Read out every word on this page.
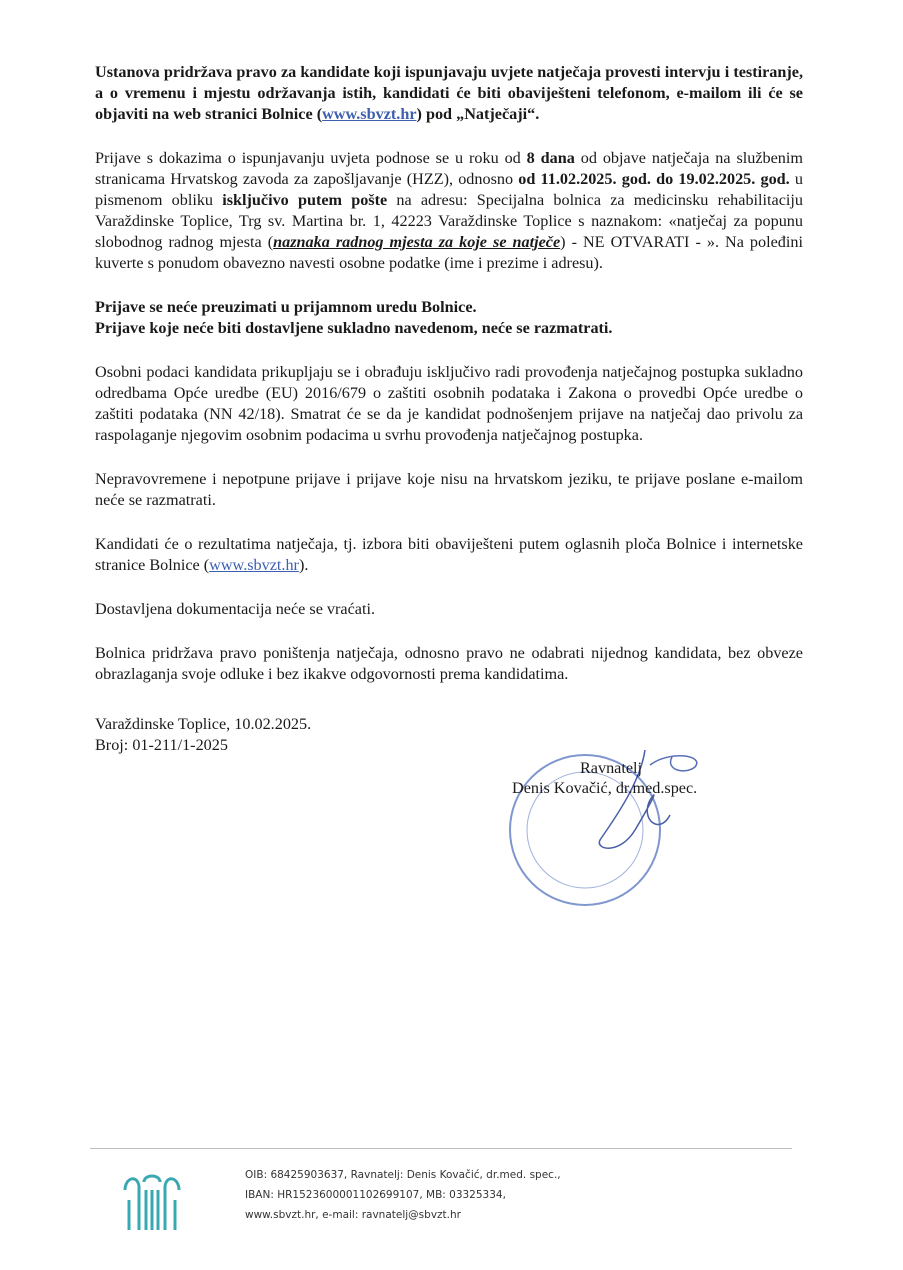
Ustanova pridržava pravo za kandidate koji ispunjavaju uvjete natječaja provesti intervju i testiranje, a o vremenu i mjestu održavanja istih, kandidati će biti obaviješteni telefonom, e-mailom ili će se objaviti na web stranici Bolnice (www.sbvzt.hr) pod „Natječaji“.

Prijave s dokazima o ispunjavanju uvjeta podnose se u roku od 8 dana od objave natječaja na službenim stranicama Hrvatskog zavoda za zapošljavanje (HZZ), odnosno od 11.02.2025. god. do 19.02.2025. god. u pismenom obliku isključivo putem pošte na adresu: Specijalna bolnica za medicinsku rehabilitaciju Varaždinske Toplice, Trg sv. Martina br. 1, 42223 Varaždinske Toplice s naznakom: «natječaj za popunu slobodnog radnog mjesta (naznaka radnog mjesta za koje se natječe) - NE OTVARATI - ». Na poleđini kuverte s ponudom obavezno navesti osobne podatke (ime i prezime i adresu).

Prijave se neće preuzimati u prijamnom uredu Bolnice.
Prijave koje neće biti dostavljene sukladno navedenom, neće se razmatrati.

Osobni podaci kandidata prikupljaju se i obrađuju isključivo radi provođenja natječajnog postupka sukladno odredbama Opće uredbe (EU) 2016/679 o zaštiti osobnih podataka i Zakona o provedbi Opće uredbe o zaštiti podataka (NN 42/18). Smatrat će se da je kandidat podnošenjem prijave na natječaj dao privolu za raspolaganje njegovim osobnim podacima u svrhu provođenja natječajnog postupka.

Nepravovremene i nepotpune prijave i prijave koje nisu na hrvatskom jeziku, te prijave poslane e-mailom neće se razmatrati.

Kandidati će o rezultatima natječaja, tj. izbora biti obaviješteni putem oglasnih ploča Bolnice i internetske stranice Bolnice (www.sbvzt.hr).

Dostavljena dokumentacija neće se vraćati.

Bolnica pridržava pravo poništenja natječaja, odnosno pravo ne odabrati nijednog kandidata, bez obveze obrazlaganja svoje odluke i bez ikakve odgovornosti prema kandidatima.

Varaždinske Toplice, 10.02.2025.
Broj: 01-211/1-2025
Ravnatelj
Denis Kovačić, dr.med.spec.
OIB: 68425903637, Ravnatelj: Denis Kovačić, dr.med. spec.,
IBAN: HR1523600001102699107, MB: 03325334,
www.sbvzt.hr, e-mail: ravnatelj@sbvzt.hr
